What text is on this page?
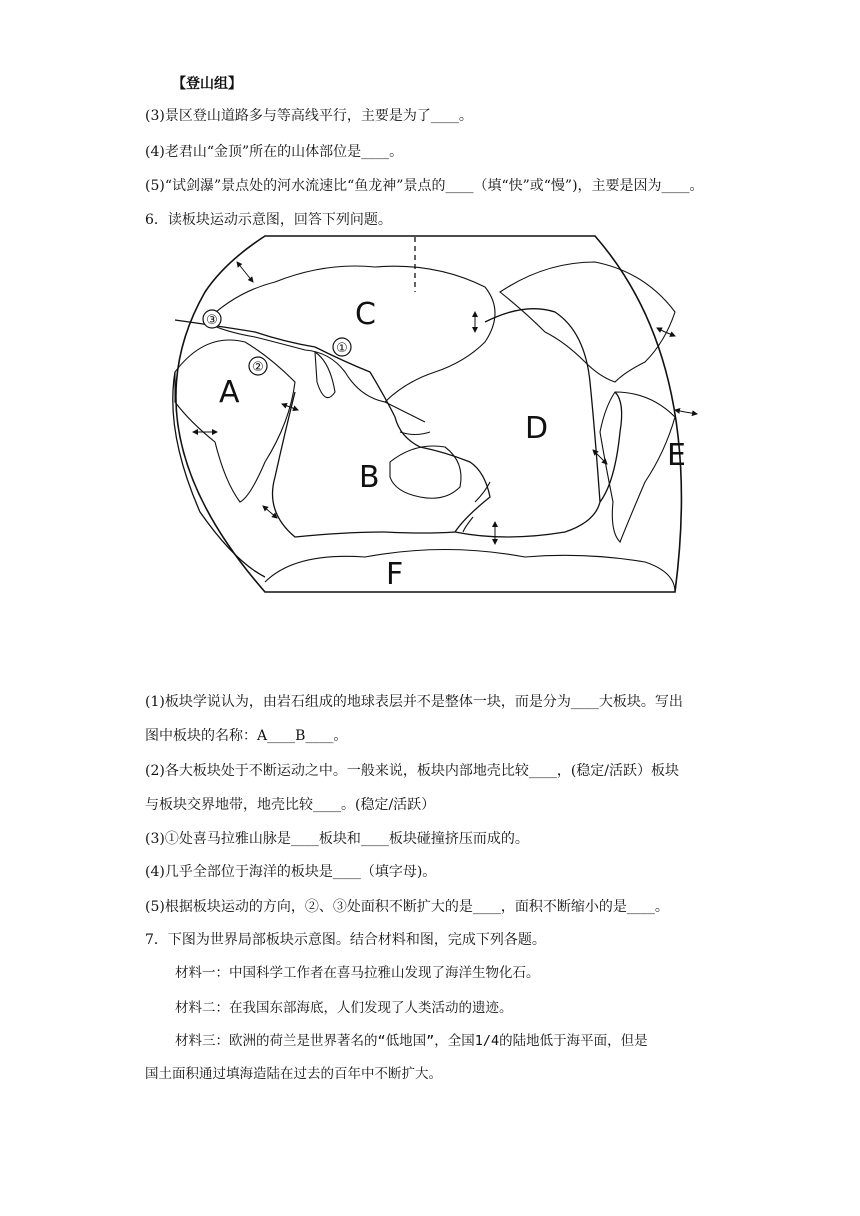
【登山组】
(3)景区登山道路多与等高线平行，主要是为了____。
(4)老君山“金顶”所在的山体部位是____。
(5)“试剑瀑”景点处的河水流速比“鱼龙神”景点的____（填“快”或“慢”)，主要是因为____。
6．读板块运动示意图，回答下列问题。
①
②
③
A
B
C
D
E
F
(1)板块学说认为，由岩石组成的地球表层并不是整体一块，而是分为____大板块。写出
图中板块的名称：A____B____。
(2)各大板块处于不断运动之中。一般来说，板块内部地壳比较____，(稳定/活跃）板块
与板块交界地带，地壳比较____。(稳定/活跃）
(3)①处喜马拉雅山脉是____板块和____板块碰撞挤压而成的。
(4)几乎全部位于海洋的板块是____（填字母)。
(5)根据板块运动的方向，②、③处面积不断扩大的是____，面积不断缩小的是____。
7．下图为世界局部板块示意图。结合材料和图，完成下列各题。
材料一：中国科学工作者在喜马拉雅山发现了海洋生物化石。
材料二：在我国东部海底，人们发现了人类活动的遗迹。
材料三：欧洲的荷兰是世界著名的“低地国”，全国1/4的陆地低于海平面，但是
国土面积通过填海造陆在过去的百年中不断扩大。
